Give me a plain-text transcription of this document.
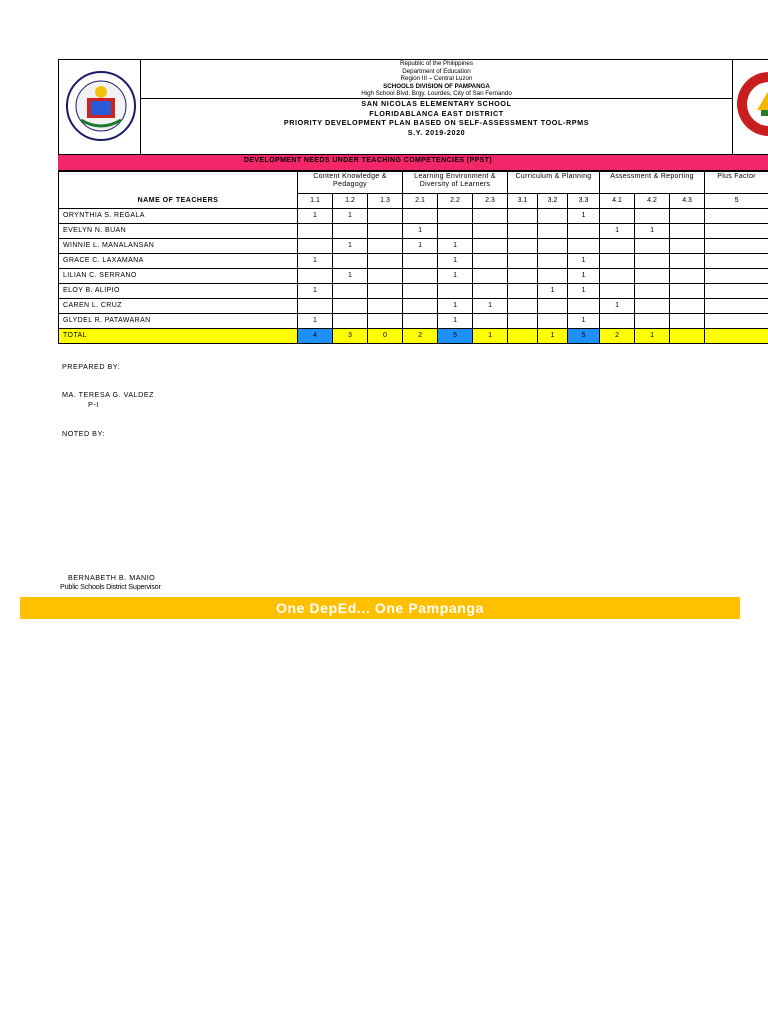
Republic of the Philippines
Department of Education
Region III – Central Luzon
SCHOOLS DIVISION OF PAMPANGA
High School Blvd. Brgy. Lourdes, City of San Fernando
SAN NICOLAS ELEMENTARY SCHOOL
FLORIDABLANCA EAST DISTRICT
PRIORITY DEVELOPMENT PLAN BASED ON SELF-ASSESSMENT TOOL-RPMS
S.Y. 2019-2020
DEVELOPMENT NEEDS UNDER TEACHING COMPETENCIES (PPST)
	Content Knowledge & Pedagogy			Learning Environment & Diversity of Learners			Curriculum & Planning			Assessment & Reporting			Plus Factor
NAME OF TEACHERS	1.1	1.2	1.3	2.1	2.2	2.3	3.1	3.2	3.3	4.1	4.2	4.3	5
ORYNTHIA S. REGALA	1	1							1				
EVELYN N. BUAN				1						1	1		
WINNIE L. MANALANSAN		1		1	1								
GRACE C. LAXAMANA	1				1				1				
LILIAN C. SERRANO		1			1				1				
ELOY B. ALIPIO	1							1	1				
CAREN L. CRUZ					1	1				1			
GLYDEL R. PATAWARAN	1				1				1				
TOTAL	4	3	0	2	5	1		1	5	2	1		
PREPARED BY:
MA. TERESA G. VALDEZ
P-I
NOTED BY:
BERNABETH B. MANIO
Public Schools District Supervisor
One DepEd... One Pampanga
